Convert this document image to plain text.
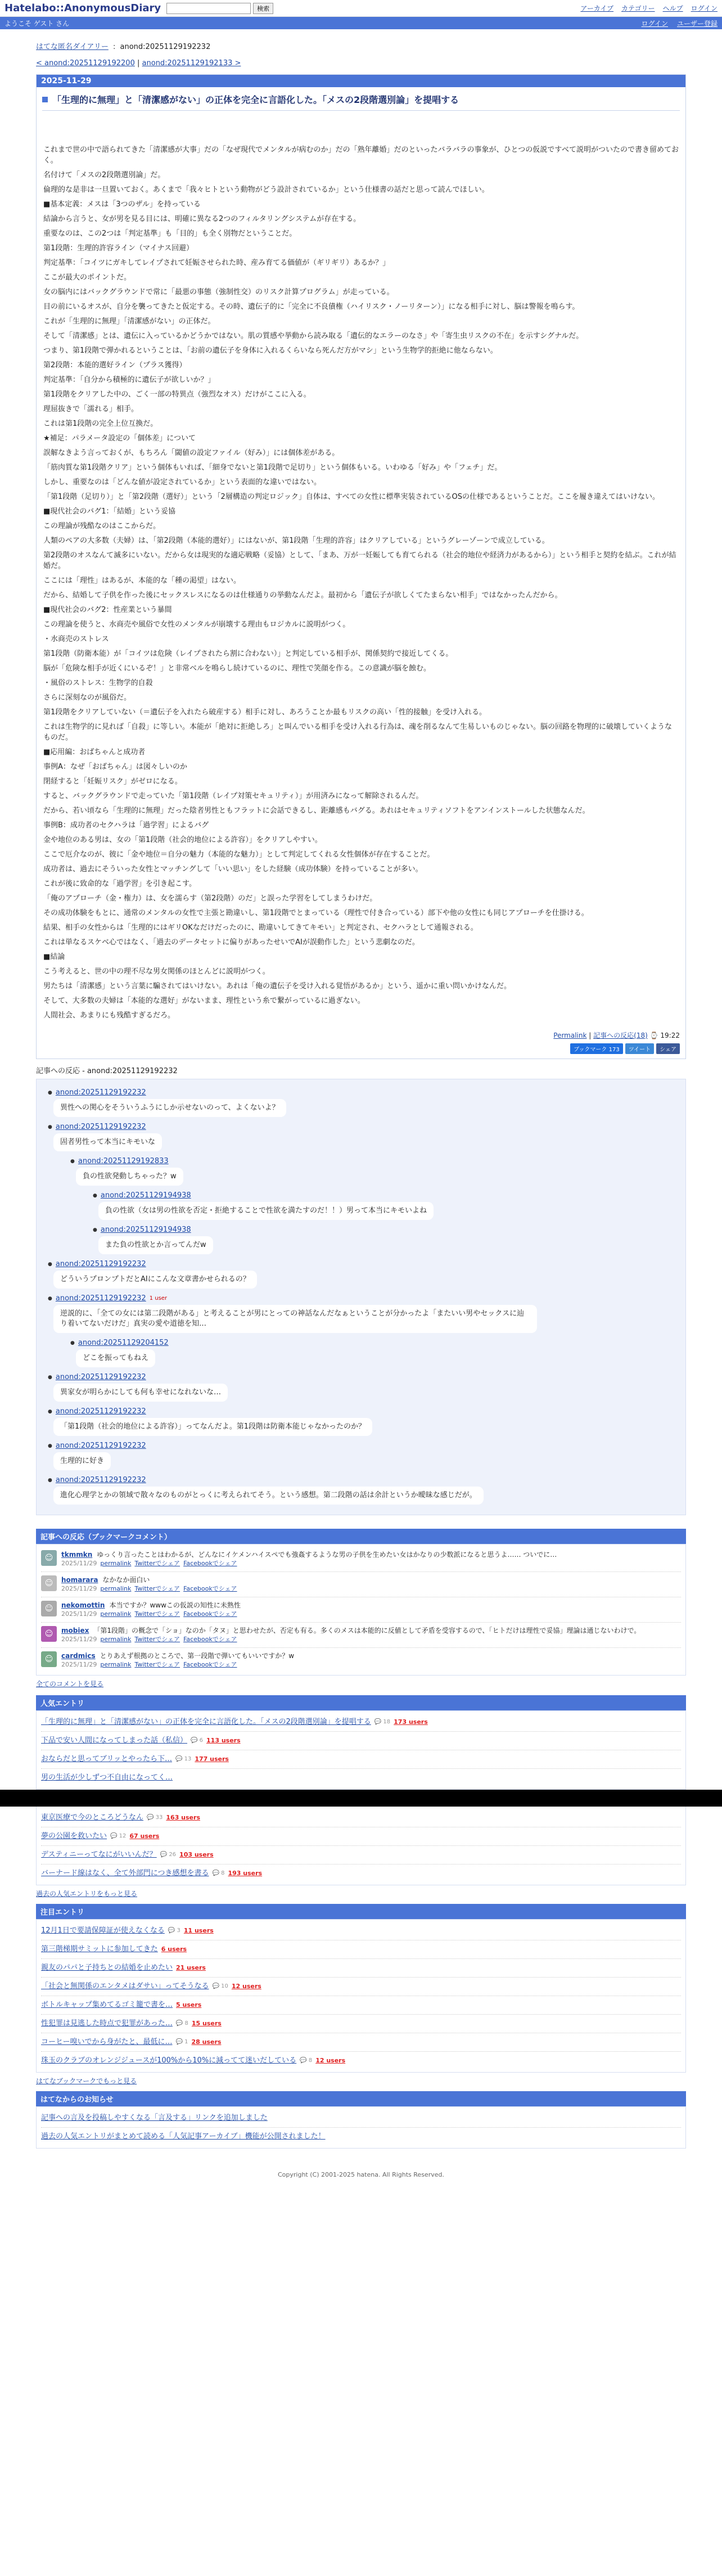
Hatelabo::AnonymousDiary	検索	アーカイブ カテゴリー ヘルプ ログイン
ようこそ ゲスト さん	ログイン ユーザー登録
はてな匿名ダイアリー : anond:20251129192232
< anond:20251129192200 | anond:20251129192133 >
2025-11-29
「生理的に無理」と「清潔感がない」の正体を完全に言語化した。「メスの2段階選別論」を提唱する

これまで世の中で語られてきた「清潔感が大事」だの「なぜ現代でメンタルが病むのか」だの「熟年離婚」だのといったバラバラの事象が、ひとつの仮説ですべて説明がついたので書き留めておく。

名付けて「メスの2段階選別論」だ。

倫理的な是非は一旦置いておく。あくまで「我々ヒトという動物がどう設計されているか」という仕様書の話だと思って読んでほしい。

■基本定義：メスは「3つのザル」を持っている

結論から言うと、女が男を見る目には、明確に異なる2つのフィルタリングシステムが存在する。

重要なのは、この2つは「判定基準」も「目的」も全く別物だということだ。

第1段階：生理的許容ライン（マイナス回避）

判定基準：「コイツにガキしてレイプされて妊娠させられた時、産み育てる価値が（ギリギリ）あるか？」

ここが最大のポイントだ。

女の脳内にはバックグラウンドで常に「最悪の事態（強制性交）のリスク計算プログラム」が走っている。

目の前にいるオスが、自分を襲ってきたと仮定する。その時、遺伝子的に「完全に不良債権（ハイリスク・ノーリターン）」になる相手に対し、脳は警報を鳴らす。

これが「生理的に無理」「清潔感がない」の正体だ。

そして「清潔感」とは、遺伝に入っているかどうかではない。肌の質感や挙動から読み取る「遺伝的なエラーのなさ」や「寄生虫リスクの不在」を示すシグナルだ。

つまり、第1段階で弾かれるということは、「お前の遺伝子を身体に入れるくらいなら死んだ方がマシ」という生物学的拒絶に他ならない。

第2段階：本能的選好ライン（プラス獲得）

判定基準：「自分から積極的に遺伝子が欲しいか？」

第1段階をクリアした中の、ごく一部の特異点（強烈なオス）だけがここに入る。

理屈抜きで「濡れる」相手。

これは第1段階の完全上位互換だ。

★補足：パラメータ設定の「個体差」について

誤解なきよう言っておくが、もちろん「閾値の設定ファイル（好み）」には個体差がある。

「筋肉質な第1段階クリア」という個体もいれば、「細身でないと第1段階で足切り」という個体もいる。いわゆる「好み」や「フェチ」だ。

しかし、重要なのは「どんな値が設定されているか」という表面的な違いではない。

「第1段階（足切り）」と「第2段階（選好）」という「2層構造の判定ロジック」自体は、すべての女性に標準実装されているOSの仕様であるということだ。ここを履き違えてはいけない。

■現代社会のバグ1：「結婚」という妥協

この理論が残酷なのはここからだ。

人類のペアの大多数（夫婦）は、「第2段階（本能的選好）」にはないが、第1段階「生理的許容」はクリアしている」というグレーゾーンで成立している。

第2段階のオスなんて滅多にいない。だから女は現実的な適応戦略（妥協）として、「まあ、万が一妊娠しても育てられる（社会的地位や経済力があるから）」という相手と契約を結ぶ。これが結婚だ。

ここには「理性」はあるが、本能的な「種の渇望」はない。

だから、結婚して子供を作った後にセックスレスになるのは仕様通りの挙動なんだよ。最初から「遺伝子が欲しくてたまらない相手」ではなかったんだから。

■現代社会のバグ2：性産業という暴間

この理論を使うと、水商売や風俗で女性のメンタルが崩壊する理由もロジカルに説明がつく。

・水商売のストレス

第1段階（防衛本能）が「コイツは危険（レイプされたら割に合わない）」と判定している相手が、関係契約で接近してくる。

脳が「危険な相手が近くにいるぞ！」と非常ベルを鳴らし続けているのに、理性で笑顔を作る。この意識が脳を蝕む。

・風俗のストレス：生物学的自殺

さらに深刻なのが風俗だ。

第1段階をクリアしていない（＝遺伝子を入れたら破産する）相手に対し、あろうことか最もリスクの高い「性的接触」を受け入れる。

これは生物学的に見れば「自殺」に等しい。本能が「絶対に拒絶しろ」と叫んでいる相手を受け入れる行為は、魂を削るなんて生易しいものじゃない。脳の回路を物理的に破壊していくようなものだ。

■応用編：おばちゃんと成功者

事例A：なぜ「おばちゃん」は図々しいのか

閉経すると「妊娠リスク」がゼロになる。

すると、バックグラウンドで走っていた「第1段階（レイプ対策セキュリティ）」が用済みになって解除されるんだ。

だから、若い頃なら「生理的に無理」だった陰者男性ともフラットに会話できるし、距離感もバグる。あれはセキュリティソフトをアンインストールした状態なんだ。

事例B：成功者のセクハラは「過学習」によるバグ

金や地位のある男は、女の「第1段階（社会的地位による許容）」をクリアしやすい。

ここで厄介なのが、彼に「金や地位＝自分の魅力（本能的な魅力）」として判定してくれる女性個体が存在することだ。

成功者は、過去にそういった女性とマッチングして「いい思い」をした経験（成功体験）を持っていることが多い。

これが後に致命的な「過学習」を引き起こす。

「俺のアプローチ（金・権力）は、女を濡らす（第2段階）のだ」と誤った学習をしてしまうわけだ。

その成功体験をもとに、通常のメンタルの女性で主張と勘違いし、第1段階でとまっている（理性で付き合っている）部下や他の女性にも同じアプローチを仕掛ける。

結果、相手の女性からは「生理的にはギリOKなだけだったのに、勘違いしてきてキモい」と判定され、セクハラとして通報される。

これは単なるスケベ心ではなく、「過去のデータセットに偏りがあったせいでAIが誤動作した」という悲劇なのだ。

■結論

こう考えると、世の中の理不尽な男女関係のほとんどに説明がつく。

男たちは「清潔感」という言葉に騙されてはいけない。あれは「俺の遺伝子を受け入れる覚悟があるか」という、遥かに重い問いかけなんだ。

そして、大多数の夫婦は「本能的な選好」がないまま、理性という糸で繋がっているに過ぎない。

人間社会、あまりにも残酷すぎるだろ。

Permalink | 記事への反応(18) ⌚ 19:22
ブックマーク 173	ツイート	シェア
記事への反応 - anond:20251129192232
● anond:20251129192232
異性への関心をそういうふうにしか示せないのって、よくないよ？
● anond:20251129192232
固者男性って本当にキモいな
● anond:20251129192833
負の性欲発動しちゃった？w
● anond:20251129194938
負の性欲（女は男の性欲を否定・拒絶することで性欲を満たすのだ！！）男って本当にキモいよね
● anond:20251129194938
また負の性欲とか言ってんだw
● anond:20251129192232
どういうプロンプトだとAIにこんな文章書かせられるの？
● anond:20251129192232 1 user
逆説的に、「全ての女には第二段階がある」と考えることが男にとっての神話なんだなぁということが分かったよ「またいい男やセックスに辿り着いてないだけだ」真実の愛や道徳を知…
● anond:20251129204152
どこを振ってもねえ
● anond:20251129192232
異家女が明らかにしても何も幸せになれないな…
● anond:20251129192232
「第1段階（社会的地位による許容）」ってなんだよ。第1段階は防衛本能じゃなかったのか？
● anond:20251129192232
生理的に好き
● anond:20251129192232
進化心理学とかの領域で散々なのものがとっくに考えられてそう。という感想。第二段階の話は余計というか曖昧な感じだが。
記事への反応（ブックマークコメント）
☺	tkmmkn ゆっくり言ったことはわかるが、どんなにイケメンハイスペでも強姦するような男の子供を生めたい女はかなりの少数派になると思うよ…… ついでに…
2025/11/29 permalink Twitterでシェア Facebookでシェア
☺	homarara なかなか面白い
2025/11/29 permalink Twitterでシェア Facebookでシェア
☺	nekomottin 本当ですか？wwwこの仮説の知性に未熟性
2025/11/29 permalink Twitterでシェア Facebookでシェア
☺	mobiex 「第1段階」の概念で「ショ」なのか「タヌ」と思わせたが、否定も有る。多くのメスは本能的に反値として矛盾を受容するので、「ヒトだけは理性で妥協」理論は通じないわけで。
2025/11/29 permalink Twitterでシェア Facebookでシェア
☺	cardmics とりあえず根拠のところで、第一段階で弾いてもいいですか？w
2025/11/29 permalink Twitterでシェア Facebookでシェア
全てのコメントを見る
人気エントリ
「生理的に無理」と「清潔感がない」の正体を完全に言語化した。「メスの2段階選別論」を提唱する 💬 18 173 users
下品で安い人間になってしまった話（私信） 💬 6 113 users
おならだと思ってブリッとやったら下… 💬 13 177 users
男の生活が少しずつ不自由になってく…
東京医療で今のところどうなん 💬 33 163 users
夢の公園を救いたい 💬 12 67 users
デスティニーってなにがいいんだ？ 💬 26 103 users
バーナード線はなく、全て外部門につき感想を書る 💬 8 193 users
過去の人気エントリをもっと見る
注目エントリ
12月1日で要請保障証が使えなくなる 💬 3 11 users
第三階梯期サミットに参加してきた 6 users
親友のパパと子持ちとの結婚を止めたい 21 users
「社会と無関係のエンタメはダサい」ってそうなる 💬 10 12 users
ボトルキャップ集めてるゴミ籠で書を… 5 users
性犯罪は見逃した時点で犯罪があった… 💬 8 15 users
コーヒー嗅いでから身がたと、最低に… 💬 1 28 users
珠玉のクラブのオレンジジュースが100%から10%に減ってて迷いだしている 💬 8 12 users
はてなブックマークでもっと見る
はてなからのお知らせ
記事への言及を投稿しやすくなる「言及する」リンクを追加しました
過去の人気エントリがまとめて読める「人気記事アーカイブ」機能が公開されました！
Copyright (C) 2001-2025 hatena. All Rights Reserved.
